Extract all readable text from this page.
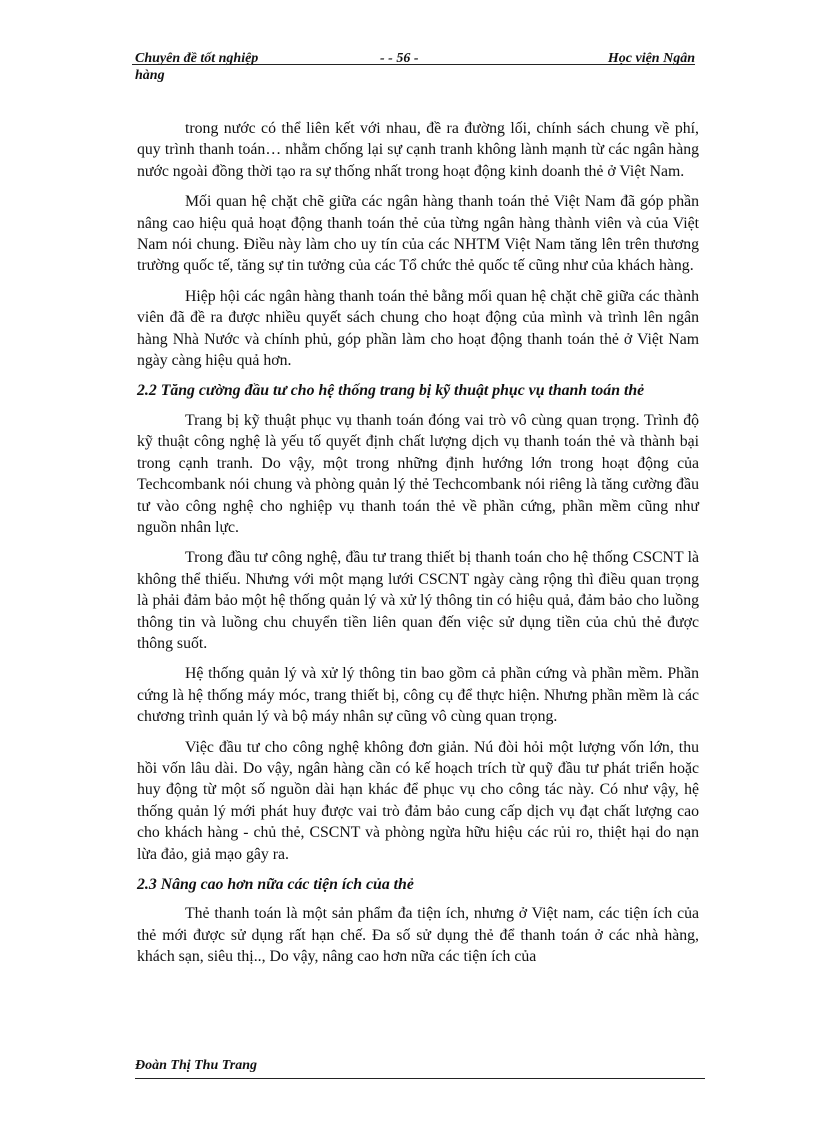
Chuyên đề tốt nghiệp	- - 56 -	Học viện Ngân
hàng

trong nước có thể liên kết với nhau, đề ra đường lối, chính sách chung về phí, quy trình thanh toán… nhằm chống lại sự cạnh tranh không lành mạnh từ các ngân hàng nước ngoài đồng thời tạo ra sự thống nhất trong hoạt động kinh doanh thẻ ở Việt Nam.

Mối quan hệ chặt chẽ giữa các ngân hàng thanh toán thẻ Việt Nam đã góp phần nâng cao hiệu quả hoạt động thanh toán thẻ của từng ngân hàng thành viên và của Việt Nam nói chung. Điều này làm cho uy tín của các NHTM Việt Nam tăng lên trên thương trường quốc tế, tăng sự tin tưởng của các Tổ chức thẻ quốc tế cũng như của khách hàng.

Hiệp hội các ngân hàng thanh toán thẻ bằng mối quan hệ chặt chẽ giữa các thành viên đã đề ra được nhiều quyết sách chung cho hoạt động của mình và trình lên ngân hàng Nhà Nước và chính phủ, góp phần làm cho hoạt động thanh toán thẻ ở Việt Nam ngày càng hiệu quả hơn.

2.2 Tăng cường đầu tư cho hệ thống trang bị kỹ thuật phục vụ thanh toán thẻ

Trang bị kỹ thuật phục vụ thanh toán đóng vai trò vô cùng quan trọng. Trình độ kỹ thuật công nghệ là yếu tố quyết định chất lượng dịch vụ thanh toán thẻ và thành bại trong cạnh tranh. Do vậy, một trong những định hướng lớn trong hoạt động của Techcombank nói chung và phòng quản lý thẻ Techcombank nói riêng là tăng cường đầu tư vào công nghệ cho nghiệp vụ thanh toán thẻ về phần cứng, phần mềm cũng như nguồn nhân lực.

Trong đầu tư công nghệ, đầu tư trang thiết bị thanh toán cho hệ thống CSCNT là không thể thiếu. Nhưng với một mạng lưới CSCNT ngày càng rộng thì điều quan trọng là phải đảm bảo một hệ thống quản lý và xử lý thông tin có hiệu quả, đảm bảo cho luồng thông tin và luồng chu chuyển tiền liên quan đến việc sử dụng tiền của chủ thẻ được thông suốt.

Hệ thống quản lý và xử lý thông tin bao gồm cả phần cứng và phần mềm. Phần cứng là hệ thống máy móc, trang thiết bị, công cụ để thực hiện. Nhưng phần mềm là các chương trình quản lý và bộ máy nhân sự cũng vô cùng quan trọng.

Việc đầu tư cho công nghệ không đơn giản. Nú đòi hỏi một lượng vốn lớn, thu hồi vốn lâu dài. Do vậy, ngân hàng cần có kế hoạch trích từ quỹ đầu tư phát triển hoặc huy động từ một số nguồn dài hạn khác để phục vụ cho công tác này. Có như vậy, hệ thống quản lý mới phát huy được vai trò đảm bảo cung cấp dịch vụ đạt chất lượng cao cho khách hàng - chủ thẻ, CSCNT và phòng ngừa hữu hiệu các rủi ro, thiệt hại do nạn lừa đảo, giả mạo gây ra.

2.3 Nâng cao hơn nữa các tiện ích của thẻ

Thẻ thanh toán là một sản phẩm đa tiện ích, nhưng ở Việt nam, các tiện ích của thẻ mới được sử dụng rất hạn chế. Đa số sử dụng thẻ để thanh toán ở các nhà hàng, khách sạn, siêu thị.., Do vậy, nâng cao hơn nữa các tiện ích của

Đoàn Thị Thu Trang
